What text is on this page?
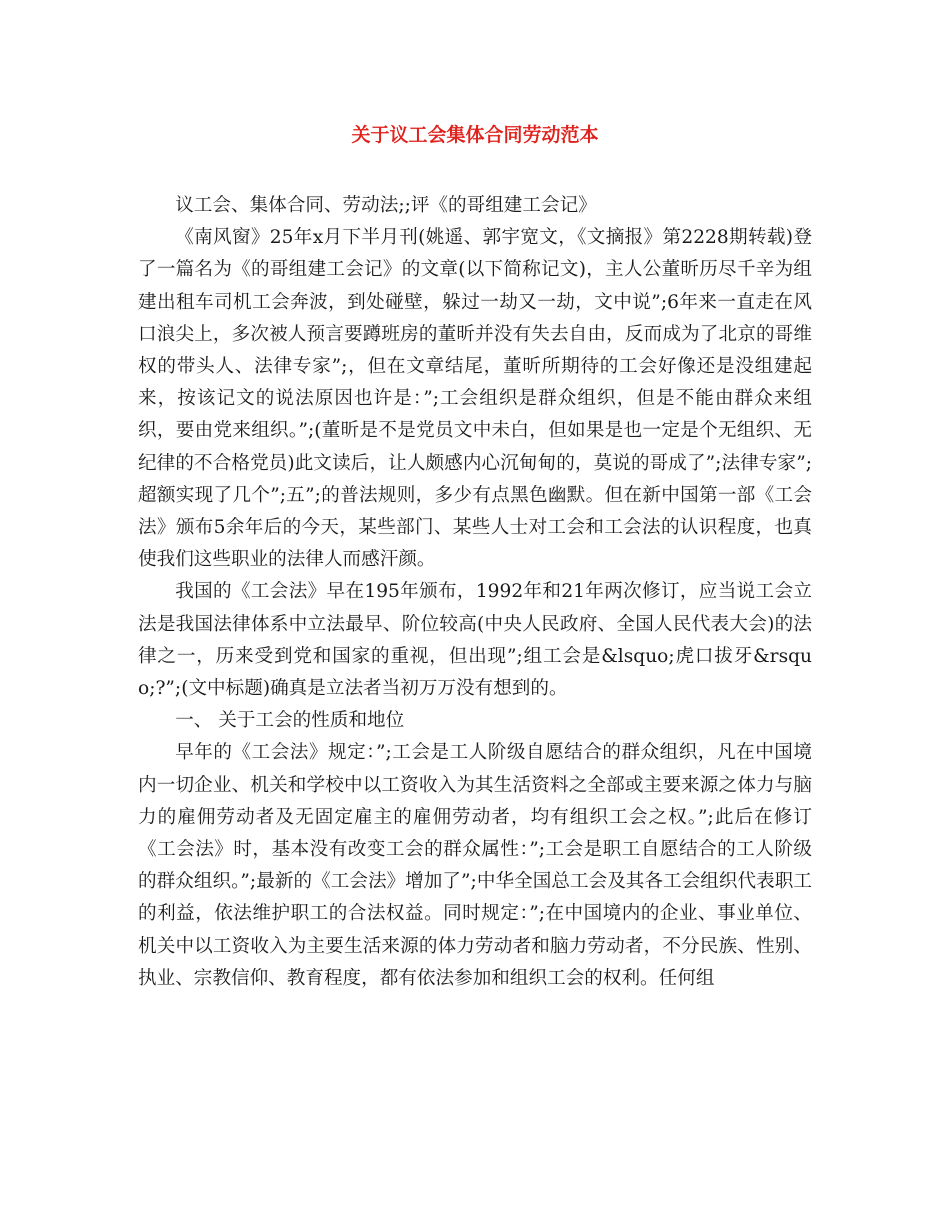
关于议工会集体合同劳动范本

议工会、集体合同、劳动法;;评《的哥组建工会记》

《南风窗》25年x月下半月刊(姚遥、郭宇宽文，《文摘报》第2228期转载)登了一篇名为《的哥组建工会记》的文章(以下简称记文)，主人公董昕历尽千辛为组建出租车司机工会奔波，到处碰壁，躲过一劫又一劫，文中说”;6年来一直走在风口浪尖上，多次被人预言要蹲班房的董昕并没有失去自由，反而成为了北京的哥维权的带头人、法律专家”;，但在文章结尾，董昕所期待的工会好像还是没组建起来，按该记文的说法原因也许是：”;工会组织是群众组织，但是不能由群众来组织，要由党来组织。”;(董昕是不是党员文中未白，但如果是也一定是个无组织、无纪律的不合格党员)此文读后，让人颇感内心沉甸甸的，莫说的哥成了”;法律专家”;超额实现了几个”;五”;的普法规则，多少有点黑色幽默。但在新中国第一部《工会法》颁布5余年后的今天，某些部门、某些人士对工会和工会法的认识程度，也真使我们这些职业的法律人而感汗颜。

我国的《工会法》早在195年颁布，1992年和21年两次修订，应当说工会立法是我国法律体系中立法最早、阶位较高(中央人民政府、全国人民代表大会)的法律之一，历来受到党和国家的重视，但出现”;组工会是&lsquo;虎口拔牙&rsquo;?”;(文中标题)确真是立法者当初万万没有想到的。

一、 关于工会的性质和地位

早年的《工会法》规定：”;工会是工人阶级自愿结合的群众组织，凡在中国境内一切企业、机关和学校中以工资收入为其生活资料之全部或主要来源之体力与脑力的雇佣劳动者及无固定雇主的雇佣劳动者，均有组织工会之权。”;此后在修订《工会法》时，基本没有改变工会的群众属性：”;工会是职工自愿结合的工人阶级的群众组织。”;最新的《工会法》增加了”;中华全国总工会及其各工会组织代表职工的利益，依法维护职工的合法权益。同时规定：”;在中国境内的企业、事业单位、机关中以工资收入为主要生活来源的体力劳动者和脑力劳动者，不分民族、性别、执业、宗教信仰、教育程度，都有依法参加和组织工会的权利。任何组
